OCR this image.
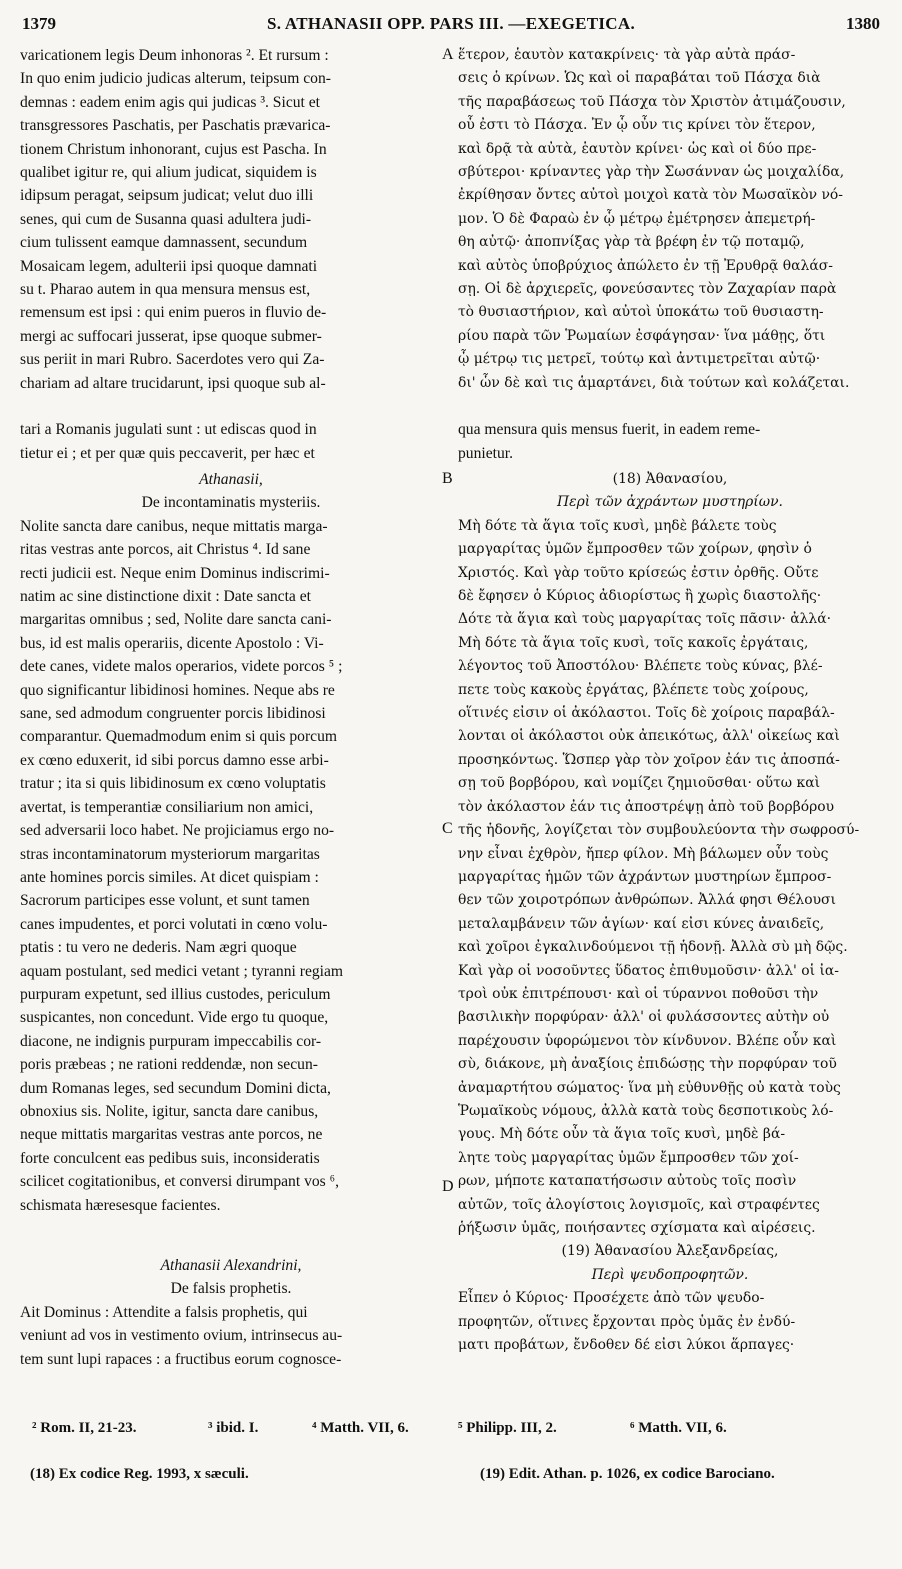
1379	S. ATHANASII OPP. PARS III. —EXEGETICA.	1380

varicationem legis Deum inhonoras ². Et rursum :

In quo enim judicio judicas alterum, teipsum con-

demnas : eadem enim agis qui judicas ³. Sicut et

transgressores Paschatis, per Paschatis prævarica-

tionem Christum inhonorant, cujus est Pascha. In

qualibet igitur re, qui alium judicat, siquidem is

idipsum peragat, seipsum judicat; velut duo illi

senes, qui cum de Susanna quasi adultera judi-

cium tulissent eamque damnassent, secundum

Mosaicam legem, adulterii ipsi quoque damnati

su t. Pharao autem in qua mensura mensus est,

remensum est ipsi : qui enim pueros in fluvio de-

mergi ac suffocari jusserat, ipse quoque submer-

sus periit in mari Rubro. Sacerdotes vero qui Za-

chariam ad altare trucidarunt, ipsi quoque sub al-

ἕτερον, ἑαυτὸν κατακρίνεις· τὰ γὰρ αὐτὰ πράσ-

σεις ὁ κρίνων. Ὡς καὶ οἱ παραβάται τοῦ Πάσχα διὰ

τῆς παραβάσεως τοῦ Πάσχα τὸν Χριστὸν ἀτιμάζουσιν,

οὗ ἐστι τὸ Πάσχα. Ἐν ᾧ οὖν τις κρίνει τὸν ἕτερον,

καὶ δρᾷ τὰ αὐτὰ, ἑαυτὸν κρίνει· ὡς καὶ οἱ δύο πρε-

σβύτεροι· κρίναντες γὰρ τὴν Σωσάνναν ὡς μοιχαλίδα,

ἐκρίθησαν ὄντες αὐτοὶ μοιχοὶ κατὰ τὸν Μωσαϊκὸν νό-

μον. Ὁ δὲ Φαραὼ ἐν ᾧ μέτρῳ ἐμέτρησεν ἀπεμετρή-

θη αὐτῷ· ἀποπνίξας γὰρ τὰ βρέφη ἐν τῷ ποταμῷ,

καὶ αὐτὸς ὑποβρύχιος ἀπώλετο ἐν τῇ Ἐρυθρᾷ θαλάσ-

σῃ. Οἱ δὲ ἀρχιερεῖς, φονεύσαντες τὸν Ζαχαρίαν παρὰ

τὸ θυσιαστήριον, καὶ αὐτοὶ ὑποκάτω τοῦ θυσιαστη-

ρίου παρὰ τῶν Ῥωμαίων ἐσφάγησαν· ἵνα μάθῃς, ὅτι

ᾧ μέτρῳ τις μετρεῖ, τούτῳ καὶ ἀντιμετρεῖται αὐτῷ·

δι' ὧν δὲ καὶ τις ἁμαρτάνει, διὰ τούτων καὶ κολάζεται.

tari a Romanis jugulati sunt : ut ediscas quod in	qua mensura quis mensus fuerit, in eadem reme-
tietur ei ; et per quæ quis peccaverit, per hæc et	punietur.

Athanasii,

De incontaminatis mysteriis.

Nolite sancta dare canibus, neque mittatis marga-

ritas vestras ante porcos, ait Christus ⁴. Id sane

recti judicii est. Neque enim Dominus indiscrimi-

natim ac sine distinctione dixit : Date sancta et

margaritas omnibus ; sed, Nolite dare sancta cani-

bus, id est malis operariis, dicente Apostolo : Vi-

dete canes, videte malos operarios, videte porcos ⁵ ;

quo significantur libidinosi homines. Neque abs re

sane, sed admodum congruenter porcis libidinosi

comparantur. Quemadmodum enim si quis porcum

ex cœno eduxerit, id sibi porcus damno esse arbi-

tratur ; ita si quis libidinosum ex cœno voluptatis

avertat, is temperantiæ consiliarium non amici,

sed adversarii loco habet. Ne projiciamus ergo no-

stras incontaminatorum mysteriorum margaritas

ante homines porcis similes. At dicet quispiam :

Sacrorum participes esse volunt, et sunt tamen

canes impudentes, et porci volutati in cœno volu-

ptatis : tu vero ne dederis. Nam ægri quoque

aquam postulant, sed medici vetant ; tyranni regiam

purpuram expetunt, sed illius custodes, periculum

suspicantes, non concedunt. Vide ergo tu quoque,

diacone, ne indignis purpuram impeccabilis cor-

poris præbeas ; ne rationi reddendæ, non secun-

dum Romanas leges, sed secundum Domini dicta,

obnoxius sis. Nolite, igitur, sancta dare canibus,

neque mittatis margaritas vestras ante porcos, ne

forte conculcent eas pedibus suis, inconsideratis

scilicet cogitationibus, et conversi dirumpant vos ⁶,

schismata hæresesque facientes.

Athanasii Alexandrini,

De falsis prophetis.

Ait Dominus : Attendite a falsis prophetis, qui

veniunt ad vos in vestimento ovium, intrinsecus au-

tem sunt lupi rapaces : a fructibus eorum cognosce-

(18) Ἀθανασίου,

Περὶ τῶν ἀχράντων μυστηρίων.

Μὴ δότε τὰ ἅγια τοῖς κυσὶ, μηδὲ βάλετε τοὺς

μαργαρίτας ὑμῶν ἔμπροσθεν τῶν χοίρων, φησὶν ὁ

Χριστός. Καὶ γὰρ τοῦτο κρίσεώς ἐστιν ὀρθῆς. Οὔτε

δὲ ἔφησεν ὁ Κύριος ἀδιορίστως ἢ χωρὶς διαστολῆς·

Δότε τὰ ἅγια καὶ τοὺς μαργαρίτας τοῖς πᾶσιν· ἀλλά·

Μὴ δότε τὰ ἅγια τοῖς κυσὶ, τοῖς κακοῖς ἐργάταις,

λέγοντος τοῦ Ἀποστόλου· Βλέπετε τοὺς κύνας, βλέ-

πετε τοὺς κακοὺς ἐργάτας, βλέπετε τοὺς χοίρους,

οἵτινές εἰσιν οἱ ἀκόλαστοι. Τοῖς δὲ χοίροις παραβάλ-

λονται οἱ ἀκόλαστοι οὐκ ἀπεικότως, ἀλλ' οἰκείως καὶ

προσηκόντως. Ὥσπερ γὰρ τὸν χοῖρον ἐάν τις ἀποσπά-

σῃ τοῦ βορβόρου, καὶ νομίζει ζημιοῦσθαι· οὕτω καὶ

τὸν ἀκόλαστον ἐάν τις ἀποστρέψῃ ἀπὸ τοῦ βορβόρου

τῆς ἡδονῆς, λογίζεται τὸν συμβουλεύοντα τὴν σωφροσύ-

νην εἶναι ἐχθρὸν, ἤπερ φίλον. Μὴ βάλωμεν οὖν τοὺς

μαργαρίτας ἡμῶν τῶν ἀχράντων μυστηρίων ἔμπροσ-

θεν τῶν χοιροτρόπων ἀνθρώπων. Ἀλλά φησι Θέλουσι

μεταλαμβάνειν τῶν ἁγίων· καί εἰσι κύνες ἀναιδεῖς,

καὶ χοῖροι ἐγκαλινδούμενοι τῇ ἡδονῇ. Ἀλλὰ σὺ μὴ δῷς.

Καὶ γὰρ οἱ νοσοῦντες ὕδατος ἐπιθυμοῦσιν· ἀλλ' οἱ ἰα-

τροὶ οὐκ ἐπιτρέπουσι· καὶ οἱ τύραννοι ποθοῦσι τὴν

βασιλικὴν πορφύραν· ἀλλ' οἱ φυλάσσοντες αὐτὴν οὐ

παρέχουσιν ὑφορώμενοι τὸν κίνδυνον. Βλέπε οὖν καὶ

σὺ, διάκονε, μὴ ἀναξίοις ἐπιδώσῃς τὴν πορφύραν τοῦ

ἀναμαρτήτου σώματος· ἵνα μὴ εὐθυνθῇς οὐ κατὰ τοὺς

Ῥωμαϊκοὺς νόμους, ἀλλὰ κατὰ τοὺς δεσποτικοὺς λό-

γους. Μὴ δότε οὖν τὰ ἅγια τοῖς κυσὶ, μηδὲ βά-

λητε τοὺς μαργαρίτας ὑμῶν ἔμπροσθεν τῶν χοί-

ρων, μήποτε καταπατήσωσιν αὐτοὺς τοῖς ποσὶν

αὐτῶν, τοῖς ἀλογίστοις λογισμοῖς, καὶ στραφέντες

ῥήξωσιν ὑμᾶς, ποιήσαντες σχίσματα καὶ αἱρέσεις.

(19) Ἀθανασίου Ἀλεξανδρείας,

Περὶ ψευδοπροφητῶν.

Εἶπεν ὁ Κύριος· Προσέχετε ἀπὸ τῶν ψευδο-

προφητῶν, οἵτινες ἔρχονται πρὸς ὑμᾶς ἐν ἐνδύ-

ματι προβάτων, ἔνδοθεν δέ εἰσι λύκοι ἅρπαγες·

A
B
C
D
² Rom. II, 21-23.	³ ibid. I.	⁴ Matth. VII, 6.	⁵ Philipp. III, 2.	⁶ Matth. VII, 6.
(18) Ex codice Reg. 1993, x sæculi.	(19) Edit. Athan. p. 1026, ex codice Barociano.
